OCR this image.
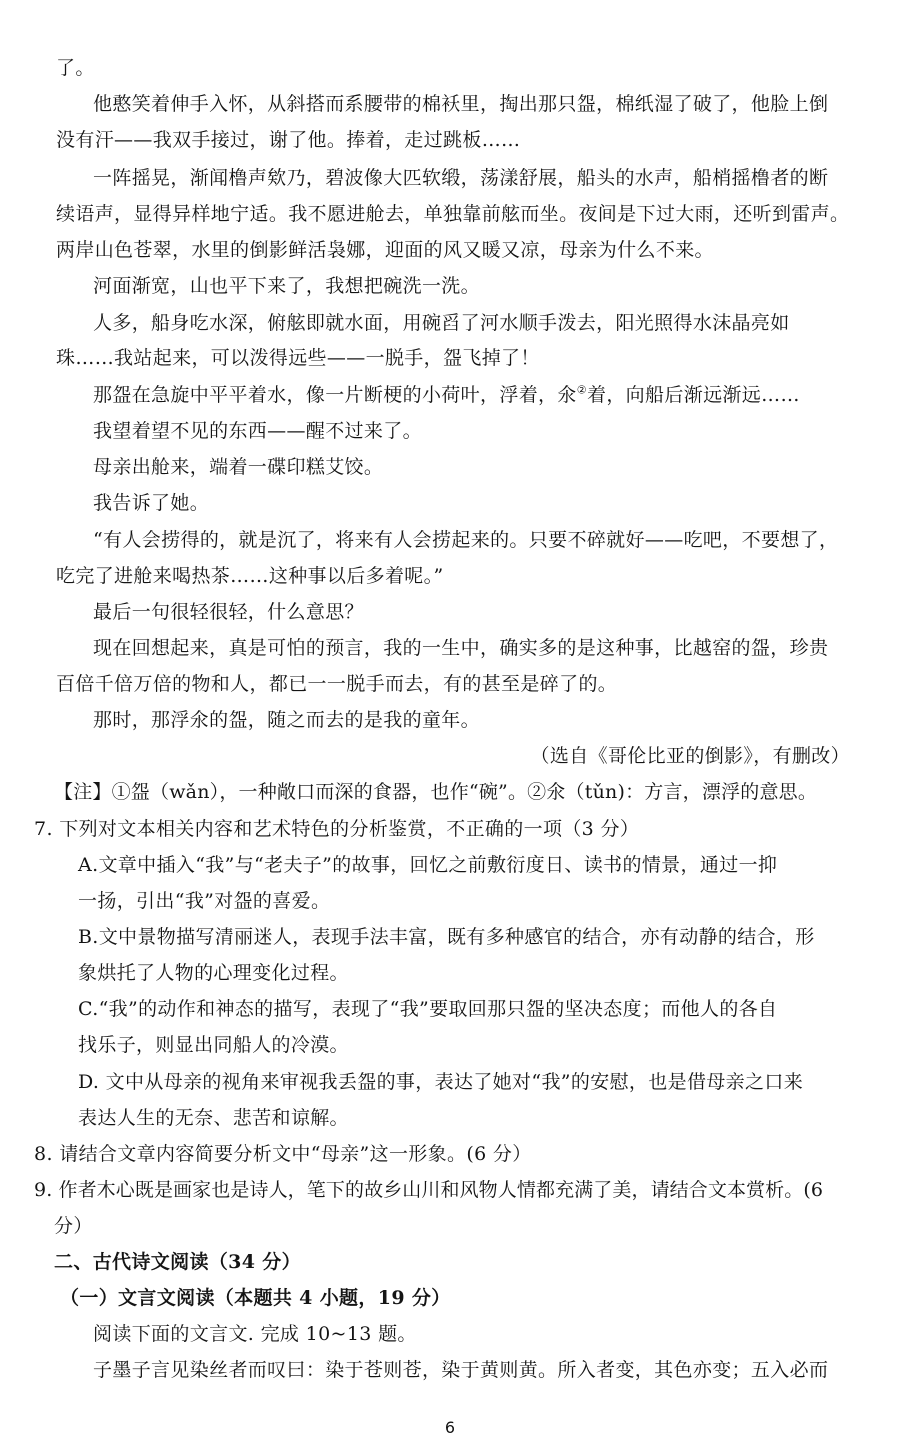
了。
他憨笑着伸手入怀，从斜搭而系腰带的棉袄里，掏出那只盌，棉纸湿了破了，他脸上倒
没有汗——我双手接过，谢了他。捧着，走过跳板……
一阵摇晃，渐闻橹声欸乃，碧波像大匹软缎，荡漾舒展，船头的水声，船梢摇橹者的断
续语声，显得异样地宁适。我不愿进舱去，单独靠前舷而坐。夜间是下过大雨，还听到雷声。
两岸山色苍翠，水里的倒影鲜活袅娜，迎面的风又暖又凉，母亲为什么不来。
河面渐宽，山也平下来了，我想把碗洗一洗。
人多，船身吃水深，俯舷即就水面，用碗舀了河水顺手泼去，阳光照得水沫晶亮如
珠……我站起来，可以泼得远些——一脱手，盌飞掉了！
那盌在急旋中平平着水，像一片断梗的小荷叶，浮着，氽②着，向船后渐远渐远……
我望着望不见的东西——醒不过来了。
母亲出舱来，端着一碟印糕艾饺。
我告诉了她。
“有人会捞得的，就是沉了，将来有人会捞起来的。只要不碎就好——吃吧，不要想了，
吃完了进舱来喝热茶……这种事以后多着呢。”
最后一句很轻很轻，什么意思？
现在回想起来，真是可怕的预言，我的一生中，确实多的是这种事，比越窑的盌，珍贵
百倍千倍万倍的物和人，都已一一脱手而去，有的甚至是碎了的。
那时，那浮氽的盌，随之而去的是我的童年。
（选自《哥伦比亚的倒影》，有删改）
【注】①盌（wǎn），一种敞口而深的食器，也作“碗”。②氽（tǔn)：方言，漂浮的意思。
7. 下列对文本相关内容和艺术特色的分析鉴赏，不正确的一项（3 分）
A.文章中插入“我”与“老夫子”的故事，回忆之前敷衍度日、读书的情景，通过一抑
一扬，引出“我”对盌的喜爱。
B.文中景物描写清丽迷人，表现手法丰富，既有多种感官的结合，亦有动静的结合，形
象烘托了人物的心理变化过程。
C.“我”的动作和神态的描写，表现了“我”要取回那只盌的坚决态度；而他人的各自
找乐子，则显出同船人的冷漠。
D. 文中从母亲的视角来审视我丢盌的事，表达了她对“我”的安慰，也是借母亲之口来
表达人生的无奈、悲苦和谅解。
8. 请结合文章内容简要分析文中“母亲”这一形象。(6 分）
9. 作者木心既是画家也是诗人，笔下的故乡山川和风物人情都充满了美，请结合文本赏析。(6
分）
二、古代诗文阅读（34 分）
（一）文言文阅读（本题共 4 小题，19 分）
阅读下面的文言文. 完成 10~13 题。
子墨子言见染丝者而叹曰：染于苍则苍，染于黄则黄。所入者变，其色亦变；五入必而
6
